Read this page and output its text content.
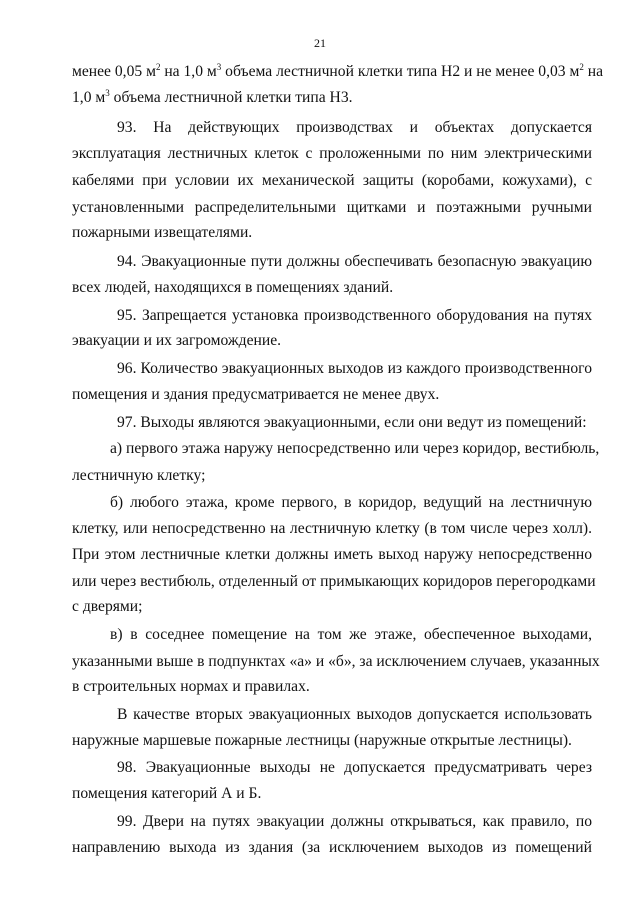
21
менее 0,05 $м^2$ на 1,0 $м^3$ объема лестничной клетки типа Н2 и не менее 0,03 $м^2$ на
1,0 $м^3$ объема лестничной клетки типа Н3.
93. На действующих производствах и объектах допускается
эксплуатация лестничных клеток с проложенными по ним электрическими
кабелями при условии их механической защиты (коробами, кожухами), с
установленными распределительными щитками и поэтажными ручными
пожарными извещателями.
94. Эвакуационные пути должны обеспечивать безопасную эвакуацию
всех людей, находящихся в помещениях зданий.
95. Запрещается установка производственного оборудования на путях
эвакуации и их загромождение.
96. Количество эвакуационных выходов из каждого производственного
помещения и здания предусматривается не менее двух.
97. Выходы являются эвакуационными, если они ведут из помещений:
а) первого этажа наружу непосредственно или через коридор, вестибюль,
лестничную клетку;
б) любого этажа, кроме первого, в коридор, ведущий на лестничную
клетку, или непосредственно на лестничную клетку (в том числе через холл).
При этом лестничные клетки должны иметь выход наружу непосредственно
или через вестибюль, отделенный от примыкающих коридоров перегородками
с дверями;
в) в соседнее помещение на том же этаже, обеспеченное выходами,
указанными выше в подпунктах «а» и «б», за исключением случаев, указанных
в строительных нормах и правилах.
В качестве вторых эвакуационных выходов допускается использовать
наружные маршевые пожарные лестницы (наружные открытые лестницы).
98. Эвакуационные выходы не допускается предусматривать через
помещения категорий А и Б.
99. Двери на путях эвакуации должны открываться, как правило, по
направлению выхода из здания (за исключением выходов из помещений
